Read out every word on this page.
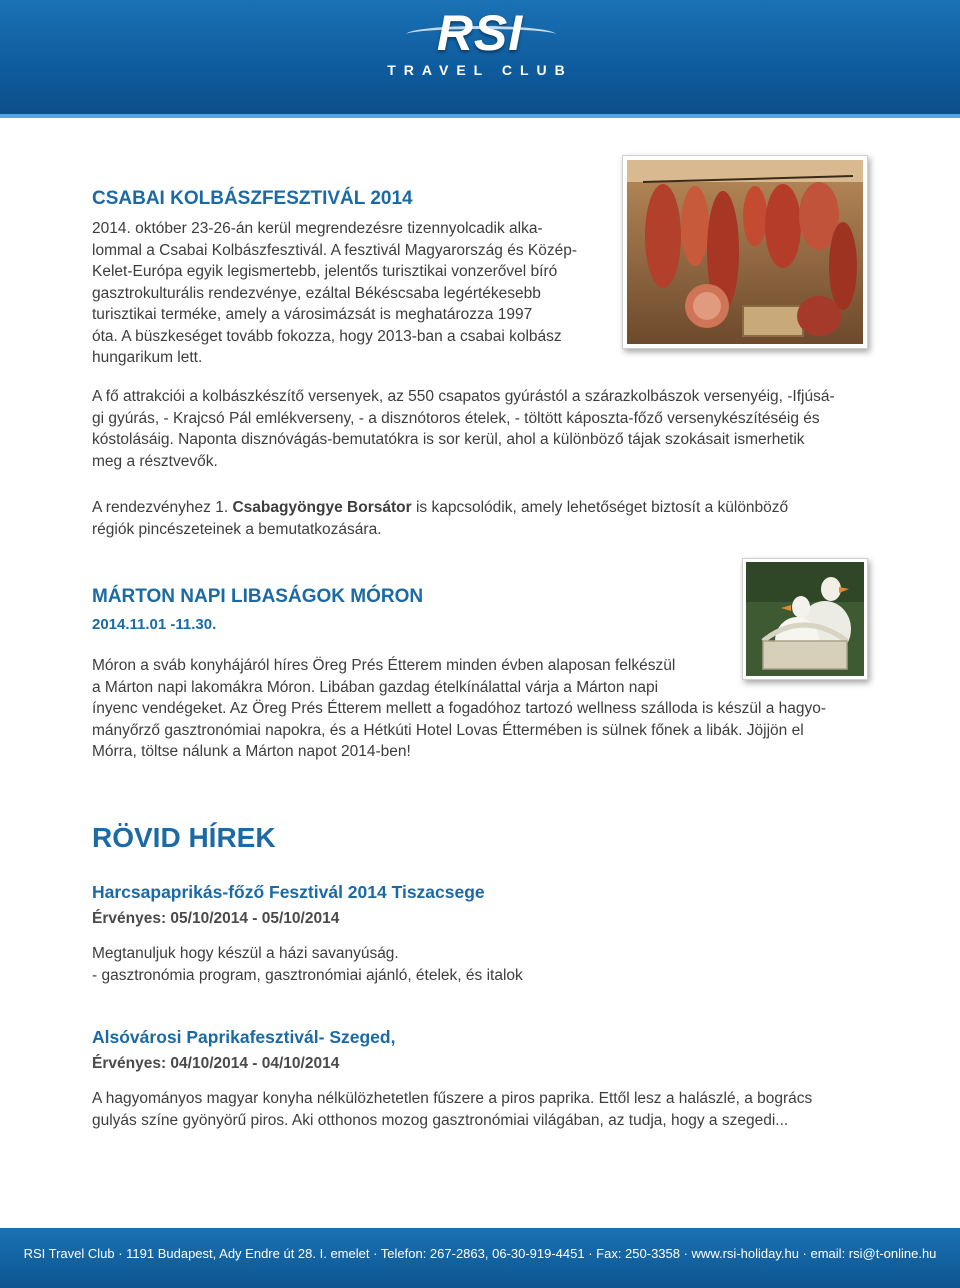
RSI
TRAVEL CLUB
CSABAI KOLBÁSZFESZTIVÁL 2014
2014. október 23-26-án kerül megrendezésre tizennyolcadik alka-
lommal a Csabai Kolbászfesztivál. A fesztivál Magyarország és Közép-
Kelet-Európa egyik legismertebb, jelentős turisztikai vonzerővel bíró
gasztrokulturális rendezvénye, ezáltal Békéscsaba legértékesebb
turisztikai terméke, amely a városimázsát is meghatározza 1997
óta. A büszkeséget tovább fokozza, hogy 2013-ban a csabai kolbász
hungarikum lett.
A fő attrakciói a kolbászkészítő versenyek, az 550 csapatos gyúrástól a szárazkolbászok versenyéig, -Ifjúsá-
gi gyúrás, - Krajcsó Pál emlékverseny, - a disznótoros ételek, - töltött káposzta-főző versenykészítéséig és
kóstolásáig. Naponta disznóvágás-bemutatókra is sor kerül, ahol a különböző tájak szokásait ismerhetik
meg a résztvevők.
A rendezvényhez 1. Csabagyöngye Borsátor is kapcsolódik, amely lehetőséget biztosít a különböző
régiók pincészeteinek a bemutatkozására.
MÁRTON NAPI LIBASÁGOK MÓRON
2014.11.01 -11.30.
Móron a sváb konyhájáról híres Öreg Prés Étterem minden évben alaposan felkészül
a Márton napi lakomákra Móron. Libában gazdag ételkínálattal várja a Márton napi
ínyenc vendégeket. Az Öreg Prés Étterem mellett a fogadóhoz tartozó wellness szálloda is készül a hagyo-
mányőrző gasztronómiai napokra, és a Hétkúti Hotel Lovas Éttermében is sülnek főnek a libák. Jöjjön el
Mórra, töltse nálunk a Márton napot 2014-ben!
RÖVID HÍREK
Harcsapaprikás-főző Fesztivál 2014 Tiszacsege
Érvényes: 05/10/2014 - 05/10/2014
Megtanuljuk hogy készül a házi savanyúság.
- gasztronómia program, gasztronómiai ajánló, ételek, és italok
Alsóvárosi Paprikafesztivál- Szeged,
Érvényes: 04/10/2014 - 04/10/2014
A hagyományos magyar konyha nélkülözhetetlen fűszere a piros paprika. Ettől lesz a halászlé, a bogrács
gulyás színe gyönyörű piros. Aki otthonos mozog gasztronómiai világában, az tudja, hogy a szegedi...
RSI Travel Club · 1191 Budapest, Ady Endre út 28. I. emelet · Telefon: 267-2863, 06-30-919-4451 · Fax: 250-3358 · www.rsi-holiday.hu · email: rsi@t-online.hu
